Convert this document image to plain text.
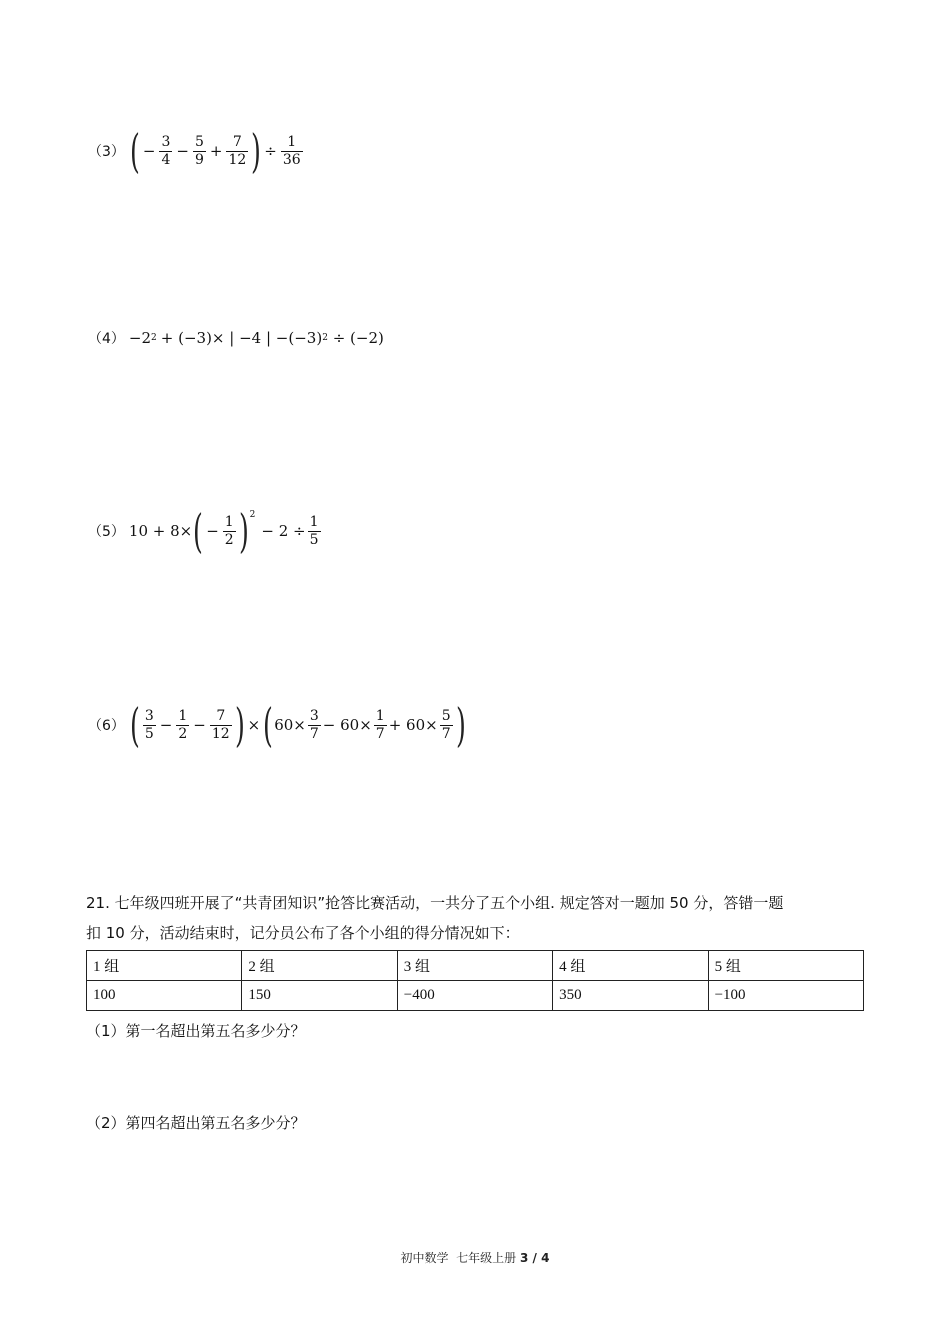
（3） ( − $\frac{3}{4} - \frac{5}{9} + \frac{7}{12}$ ) ÷ $\frac{1}{36}$
（4） −2 2 + (−3)× | −4 | −(−3) 2 ÷ (−2)
（5） 10 + 8× ( − $\frac{1}{2} )^2$
− $2 \div \frac{1}{5}$
（6） ( $\frac{3}{5} - \frac{1}{2} - \frac{7}{12}$ ) × ( $60\times \frac{3}{7} - 60\times \frac{1}{7} + 60\times \frac{5}{7}$ )
21. 七年级四班开展了“共青团知识”抢答比赛活动，一共分了五个小组. 规定答对一题加 50 分，答错一题
扣 10 分，活动结束时，记分员公布了各个小组的得分情况如下：
1 组	2 组	3 组	4 组	5 组
100	150	−400	350	−100
（1）第一名超出第五名多少分？
（2）第四名超出第五名多少分？
初中数学  七年级上册 3 / 4
